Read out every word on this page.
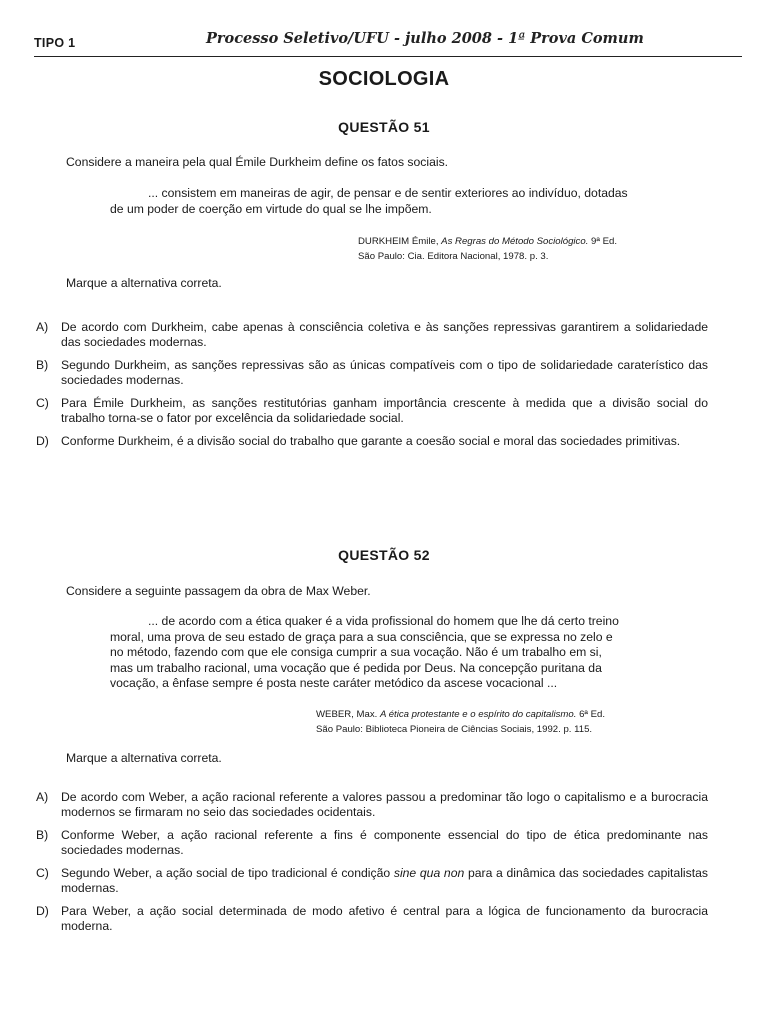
TIPO 1	Processo Seletivo/UFU - julho 2008 - 1ª Prova Comum
SOCIOLOGIA
QUESTÃO 51
Considere a maneira pela qual Émile Durkheim define os fatos sociais.
... consistem em maneiras de agir, de pensar e de sentir exteriores ao indivíduo, dotadas
de um poder de coerção em virtude do qual se lhe impõem.
DURKHEIM Émile, As Regras do Método Sociológico. 9ª Ed.
São Paulo: Cia. Editora Nacional, 1978. p. 3.
Marque a alternativa correta.
A) De acordo com Durkheim, cabe apenas à consciência coletiva e às sanções repressivas garantirem a solidariedade das sociedades modernas.
B) Segundo Durkheim, as sanções repressivas são as únicas compatíveis com o tipo de solidariedade caraterístico das sociedades modernas.
C) Para Émile Durkheim, as sanções restitutórias ganham importância crescente à medida que a divisão social do trabalho torna-se o fator por excelência da solidariedade social.
D) Conforme Durkheim, é a divisão social do trabalho que garante a coesão social e moral das sociedades primitivas.
QUESTÃO 52
Considere a seguinte passagem da obra de Max Weber.
... de acordo com a ética quaker é a vida profissional do homem que lhe dá certo treino
moral, uma prova de seu estado de graça para a sua consciência, que se expressa no zelo e
no método, fazendo com que ele consiga cumprir a sua vocação. Não é um trabalho em si,
mas um trabalho racional, uma vocação que é pedida por Deus. Na concepção puritana da
vocação, a ênfase sempre é posta neste caráter metódico da ascese vocacional ...
WEBER, Max. A ética protestante e o espírito do capitalismo. 6ª Ed.
São Paulo: Biblioteca Pioneira de Ciências Sociais, 1992. p. 115.
Marque a alternativa correta.
A) De acordo com Weber, a ação racional referente a valores passou a predominar tão logo o capitalismo e a burocracia modernos se firmaram no seio das sociedades ocidentais.
B) Conforme Weber, a ação racional referente a fins é componente essencial do tipo de ética predominante nas sociedades modernas.
C) Segundo Weber, a ação social de tipo tradicional é condição sine qua non para a dinâmica das sociedades capitalistas modernas.
D) Para Weber, a ação social determinada de modo afetivo é central para a lógica de funcionamento da burocracia moderna.
